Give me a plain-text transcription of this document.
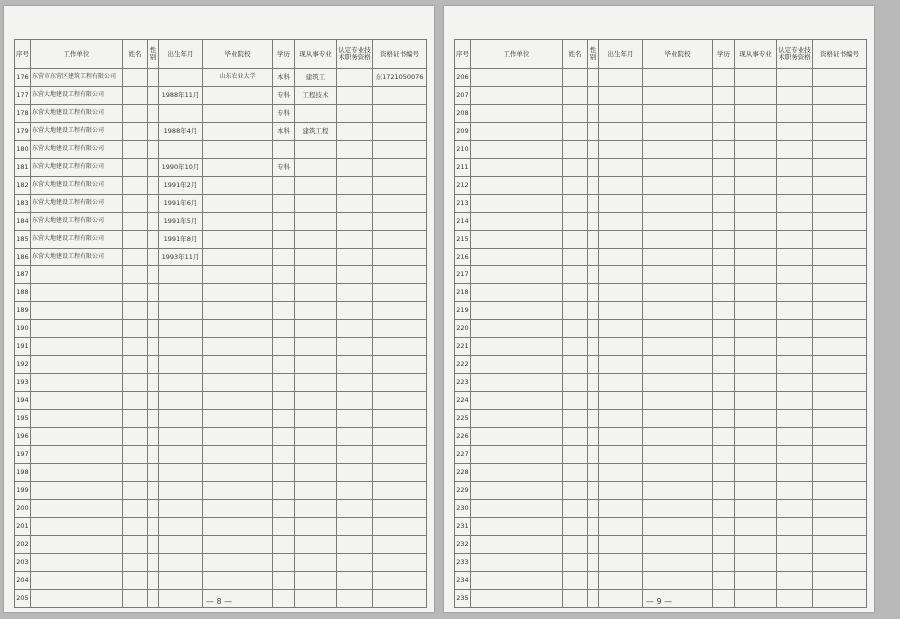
序号	工作单位	姓名	性别	出生年月	毕业院校	学历	现从事专业	认定专业技术职务资格	资格证书编号
176	东营市东营区建筑工程有限公司				山东农业大学	本科	建筑工		东1721050076
177	东营大地建设工程有限公司			1988年11月		专科	工程技术		
178	东营大地建设工程有限公司					专科			
179	东营大地建设工程有限公司			1988年4月		本科	建筑工程		
180	东营大地建设工程有限公司								
181	东营大地建设工程有限公司			1990年10月		专科			
182	东营大地建设工程有限公司			1991年2月					
183	东营大地建设工程有限公司			1991年6月					
184	东营大地建设工程有限公司			1991年5月					
185	东营大地建设工程有限公司			1991年8月					
186	东营大地建设工程有限公司			1993年11月					
187									
188									
189									
190									
191									
192									
193									
194									
195									
196									
197									
198									
199									
200									
201									
202									
203									
204									
205										— 8 —
序号	工作单位	姓名	性别	出生年月	毕业院校	学历	现从事专业	认定专业技术职务资格	资格证书编号
206									
207									
208									
209									
210									
211									
212									
213									
214									
215									
216									
217									
218									
219									
220									
221									
222									
223									
224									
225									
226									
227									
228									
229									
230									
231									
232									
233									
234									
235										— 9 —
